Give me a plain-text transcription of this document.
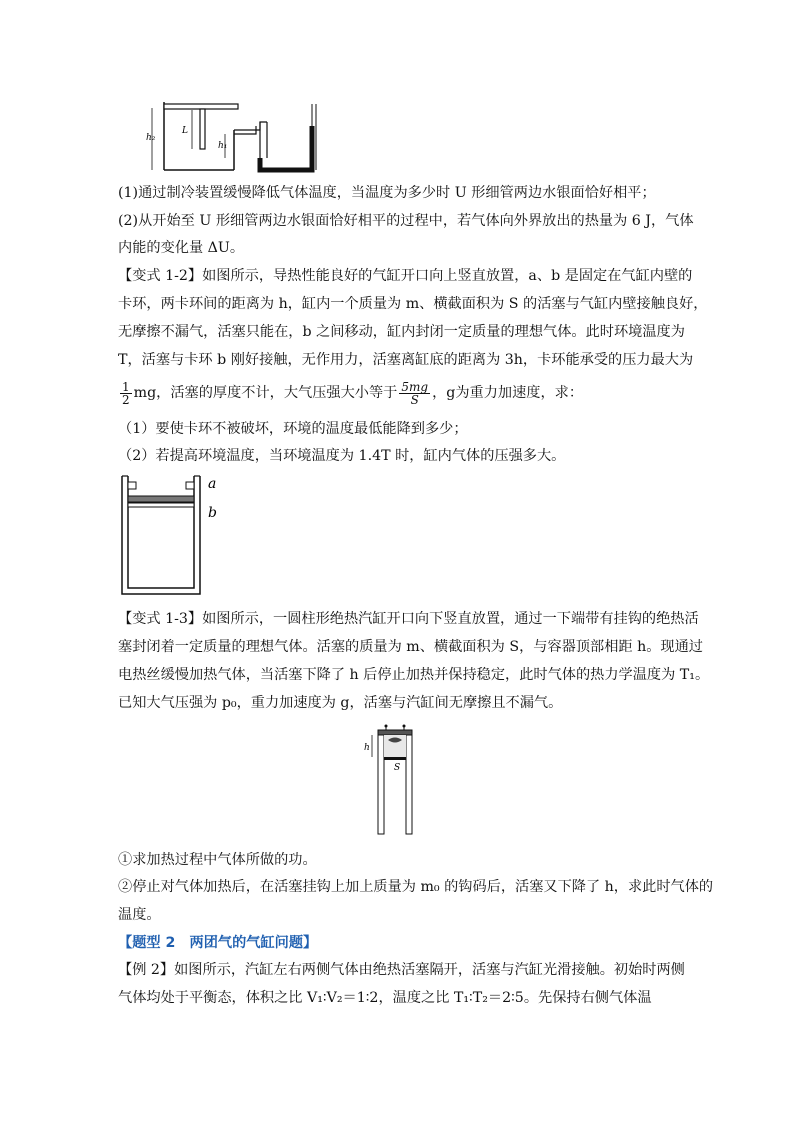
h₂
L
h₁
(1)通过制冷装置缓慢降低气体温度，当温度为多少时 U 形细管两边水银面恰好相平；
(2)从开始至 U 形细管两边水银面恰好相平的过程中，若气体向外界放出的热量为 6 J，气体
内能的变化量 ΔU。
【变式 1-2】如图所示，导热性能良好的气缸开口向上竖直放置，a、b 是固定在气缸内壁的
卡环，两卡环间的距离为 h，缸内一个质量为 m、横截面积为 S 的活塞与气缸内壁接触良好，
无摩擦不漏气，活塞只能在，b 之间移动，缸内封闭一定质量的理想气体。此时环境温度为
T，活塞与卡环 b 刚好接触，无作用力，活塞离缸底的距离为 3h，卡环能承受的压力最大为
$\frac{1}{2}$ mg，活塞的厚度不计，大气压强大小等于 $\frac{5mg}{S}$ ，g为重力加速度，求：
（1）要使卡环不被破坏，环境的温度最低能降到多少；
（2）若提高环境温度，当环境温度为 1.4T 时，缸内气体的压强多大。
a
b
【变式 1-3】如图所示，一圆柱形绝热汽缸开口向下竖直放置，通过一下端带有挂钩的绝热活
塞封闭着一定质量的理想气体。活塞的质量为 m、横截面积为 S，与容器顶部相距 h。现通过
电热丝缓慢加热气体，当活塞下降了 h 后停止加热并保持稳定，此时气体的热力学温度为 T₁。
已知大气压强为 p₀，重力加速度为 g，活塞与汽缸间无摩擦且不漏气。
h
S
①求加热过程中气体所做的功。
②停止对气体加热后，在活塞挂钩上加上质量为 m₀ 的钩码后，活塞又下降了 h，求此时气体的
温度。
【题型 2　两团气的气缸问题】
【例 2】如图所示，汽缸左右两侧气体由绝热活塞隔开，活塞与汽缸光滑接触。初始时两侧
气体均处于平衡态，体积之比 V₁∶V₂＝1∶2，温度之比 T₁∶T₂＝2∶5。先保持右侧气体温
